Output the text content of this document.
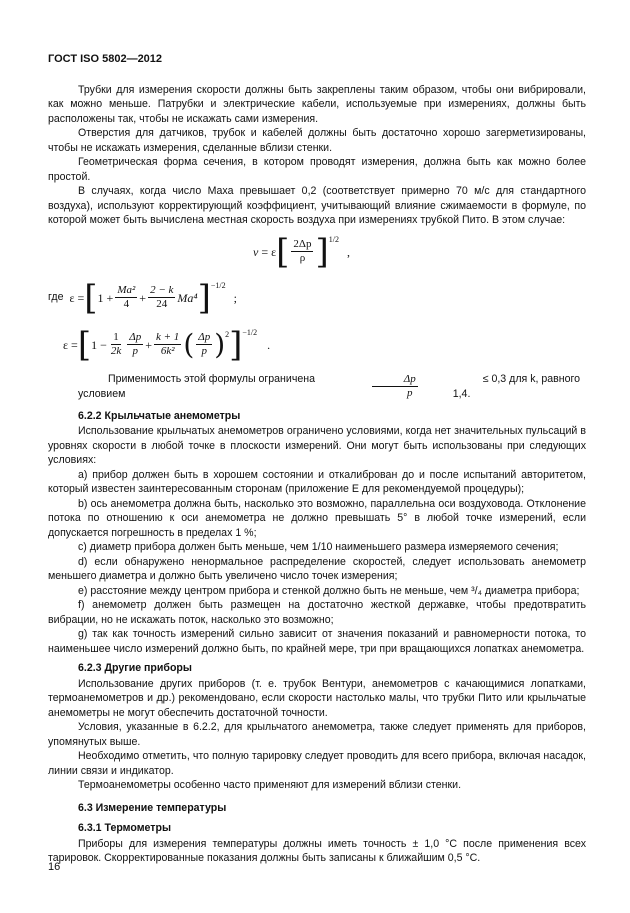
ГОСТ ISO 5802—2012

Трубки для измерения скорости должны быть закреплены таким образом, чтобы они вибрировали, как можно меньше. Патрубки и электрические кабели, используемые при измерениях, должны быть расположены так, чтобы не искажать сами измерения.

Отверстия для датчиков, трубок и кабелей должны быть достаточно хорошо загерметизированы, чтобы не искажать измерения, сделанные вблизи стенки.

Геометрическая форма сечения, в котором проводят измерения, должна быть как можно более простой.

В случаях, когда число Маха превышает 0,2 (соответствует примерно 70 м/с для стандартного воздуха), используют корректирующий коэффициент, учитывающий влияние сжимаемости в формуле, по которой может быть вычислена местная скорость воздуха при измерениях трубкой Пито. В этом случае:

v
= ε [ $\frac{2\Delta p}{\rho} ]^{1/2}$
,
где
ε = [ $1 + \frac{\text{Ma²}}{4} + \frac{2 - k}{24} Ma^4$ ]$^{-1/2}$
;
ε = [ $1 - \frac{1}{2k} \frac{\Delta p}{p} + \frac{k + 1}{\text{6k²}}$ ( $\frac{\Delta p}{p} )^2$ ]$^{-1/2}$
.
Применимость этой формулы ограничена условием
	$\frac{\Delta p}{p}$
	≤ 0,3 для k, равного 1,4.
6.2.2 Крыльчатые анемометры

Использование крыльчатых анемометров ограничено условиями, когда нет значительных пульсаций в уровнях скорости в любой точке в плоскости измерений. Они могут быть использованы при следующих условиях:

а) прибор должен быть в хорошем состоянии и откалиброван до и после испытаний авторитетом, который известен заинтересованным сторонам (приложение Е для рекомендуемой процедуры);

b) ось анемометра должна быть, насколько это возможно, параллельна оси воздуховода. Отклонение потока по отношению к оси анемометра не должно превышать 5° в любой точке измерений, если допускается погрешность в пределах 1 %;

с) диаметр прибора должен быть меньше, чем 1/10 наименьшего размера измеряемого сечения;

d) если обнаружено ненормальное распределение скоростей, следует использовать анемометр меньшего диаметра и должно быть увеличено число точек измерения;

е) расстояние между центром прибора и стенкой должно быть не меньше, чем ³/₄ диаметра прибора;

f) анемометр должен быть размещен на достаточно жесткой державке, чтобы предотвратить вибрации, но не искажать поток, насколько это возможно;

g) так как точность измерений сильно зависит от значения показаний и равномерности потока, то наименьшее число измерений должно быть, по крайней мере, три при вращающихся лопатках анемометра.

6.2.3 Другие приборы

Использование других приборов (т. е. трубок Вентури, анемометров с качающимися лопатками, термоанемометров и др.) рекомендовано, если скорости настолько малы, что трубки Пито или крыльчатые анемометры не могут обеспечить достаточной точности.

Условия, указанные в 6.2.2, для крыльчатого анемометра, также следует применять для приборов, упомянутых выше.

Необходимо отметить, что полную тарировку следует проводить для всего прибора, включая насадок, линии связи и индикатор.

Термоанемометры особенно часто применяют для измерений вблизи стенки.

6.3 Измерение температуры
6.3.1 Термометры

Приборы для измерения температуры должны иметь точность ± 1,0 °С после применения всех тарировок. Скорректированные показания должны быть записаны к ближайшим 0,5 °С.

16
